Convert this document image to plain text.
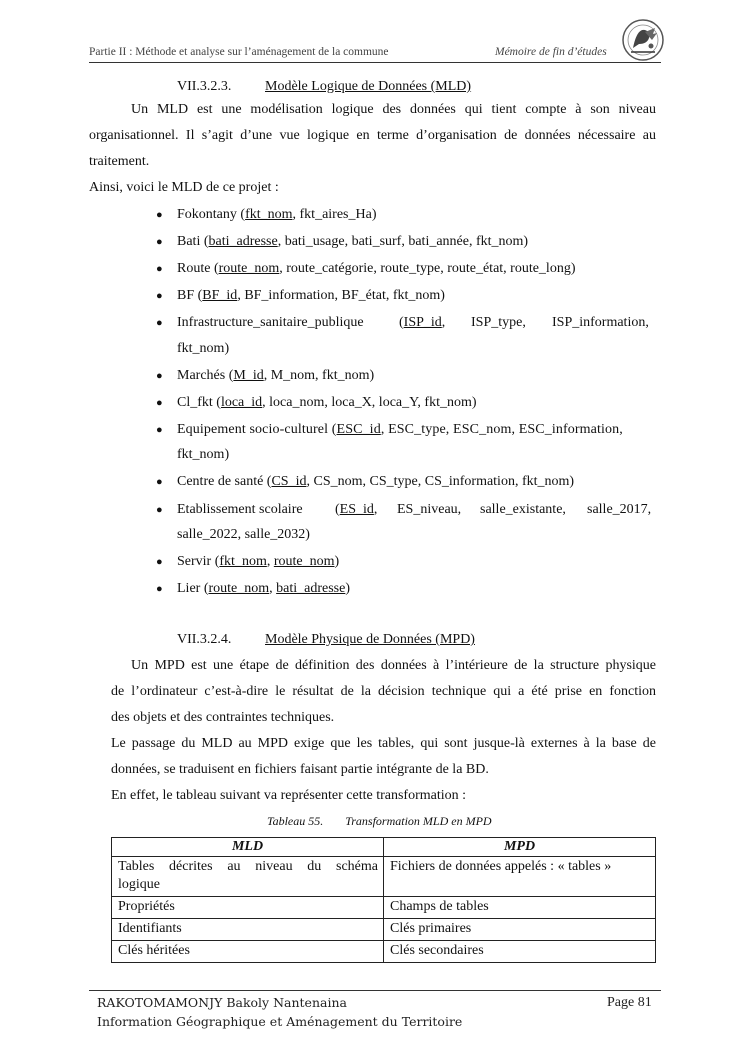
Partie II : Méthode et analyse sur l’aménagement de la commune	Mémoire de fin d’études
VII.3.2.3. Modèle Logique de Données (MLD)
Un MLD est une modélisation logique des données qui tient compte à son niveau
organisationnel. Il s’agit d’une vue logique en terme d’organisation de données nécessaire au
traitement.
Ainsi, voici le MLD de ce projet :
● Fokontany (fkt_nom, fkt_aires_Ha)
● Bati (bati_adresse, bati_usage, bati_surf, bati_année, fkt_nom)
● Route (route_nom, route_catégorie, route_type, route_état, route_long)
● BF (BF_id, BF_information, BF_état, fkt_nom)
● Infrastructure_sanitaire_publique	(ISP_id, ISP_type, ISP_information,
fkt_nom)
● Marchés (M_id, M_nom, fkt_nom)
● Cl_fkt (loca_id, loca_nom, loca_X, loca_Y, fkt_nom)
● Equipement socio-culturel (ESC_id, ESC_type, ESC_nom, ESC_information,
fkt_nom)
● Centre de santé (CS_id, CS_nom, CS_type, CS_information, fkt_nom)
● Etablissement scolaire (ES_id, ES_niveau, salle_existante, salle_2017,
salle_2022, salle_2032)
● Servir (fkt_nom, route_nom)
● Lier (route_nom, bati_adresse)
VII.3.2.4. Modèle Physique de Données (MPD)
Un MPD est une étape de définition des données à l’intérieure de la structure physique
de l’ordinateur c’est-à-dire le résultat de la décision technique qui a été prise en fonction
des objets et des contraintes techniques.
Le passage du MLD au MPD exige que les tables, qui sont jusque-là externes à la base de
données, se traduisent en fichiers faisant partie intégrante de la BD.
En effet, le tableau suivant va représenter cette transformation :
Tableau 55. Transformation MLD en MPD
MLD	MPD

Tables décrites au niveau du schéma
logique	Fichiers de données appelés : « tables »
Propriétés	Champs de tables
Identifiants	Clés primaires
Clés héritées	Clés secondaires
RAKOTOMAMONJY Bakoly Nantenaina	Page 81
Information Géographique et Aménagement du Territoire
